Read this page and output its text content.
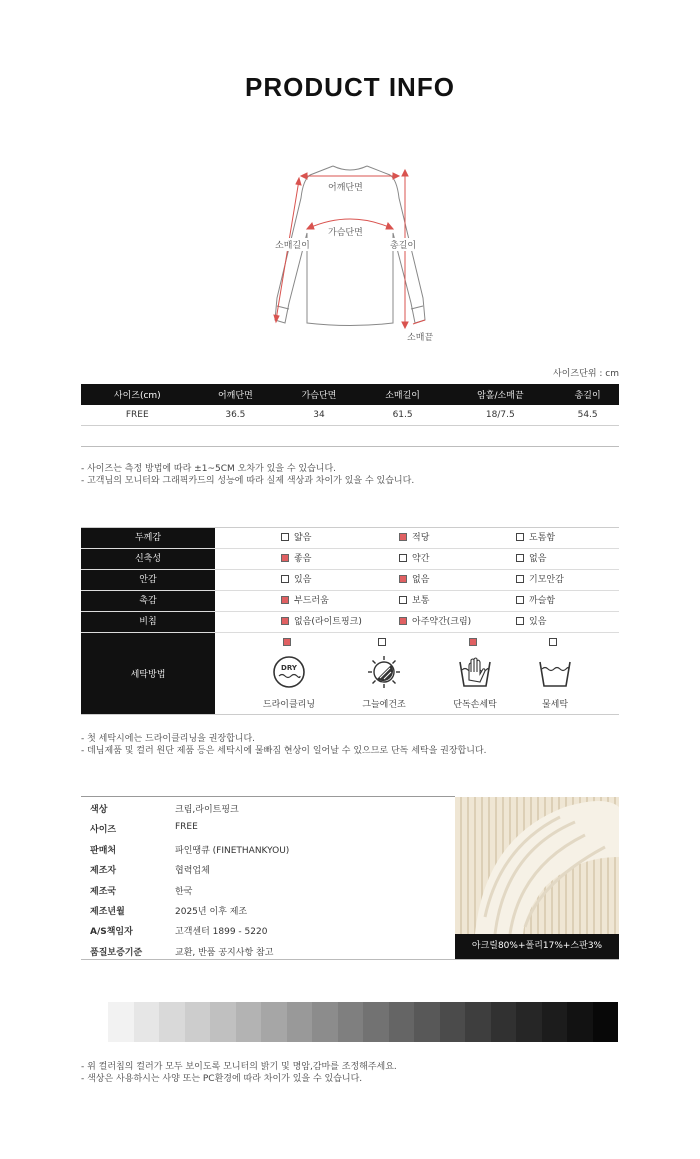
PRODUCT INFO
어깨단면
가슴단면
소매길이	총길이
소매끝
사이즈단위 : cm
사이즈(cm)	어깨단면	가슴단면	소매길이	암홀/소매끝	총길이
FREE	36.5	34	61.5	18/7.5	54.5

- 사이즈는 측정 방법에 따라 ±1~5CM 오차가 있을 수 있습니다.
- 고객님의 모니터와 그래픽카드의 성능에 따라 실제 색상과 차이가 있을 수 있습니다.
두께감	얇음	적당	도톰함
신축성	좋음	약간	없음
안감	있음	없음	기모안감
촉감	부드러움	보통	까슬함
비침	없음(라이트핑크)	아주약간(크림)	있음
세탁방법
DRY
드라이클리닝	그늘에건조	단독손세탁	물세탁
- 첫 세탁시에는 드라이클리닝을 권장합니다.
- 데님제품 및 컬러 원단 제품 등은 세탁시에 물빠짐 현상이 일어날 수 있으므로 단독 세탁을 권장합니다.
색상	크림,라이트핑크
사이즈	FREE
판매처	파인땡큐 (FINETHANKYOU)
제조자	협력업체
제조국	한국
제조년월	2025년 이후 제조
A/S책임자	고객센터 1899 - 5220
품질보증기준	교환, 반품 공지사항 참고
아크릴80%+폴리17%+스판3%
- 위 컬러칩의 컬러가 모두 보이도록 모니터의 밝기 및 명암,감마를 조정해주세요.
- 색상은 사용하시는 사양 또는 PC환경에 따라 차이가 있을 수 있습니다.
